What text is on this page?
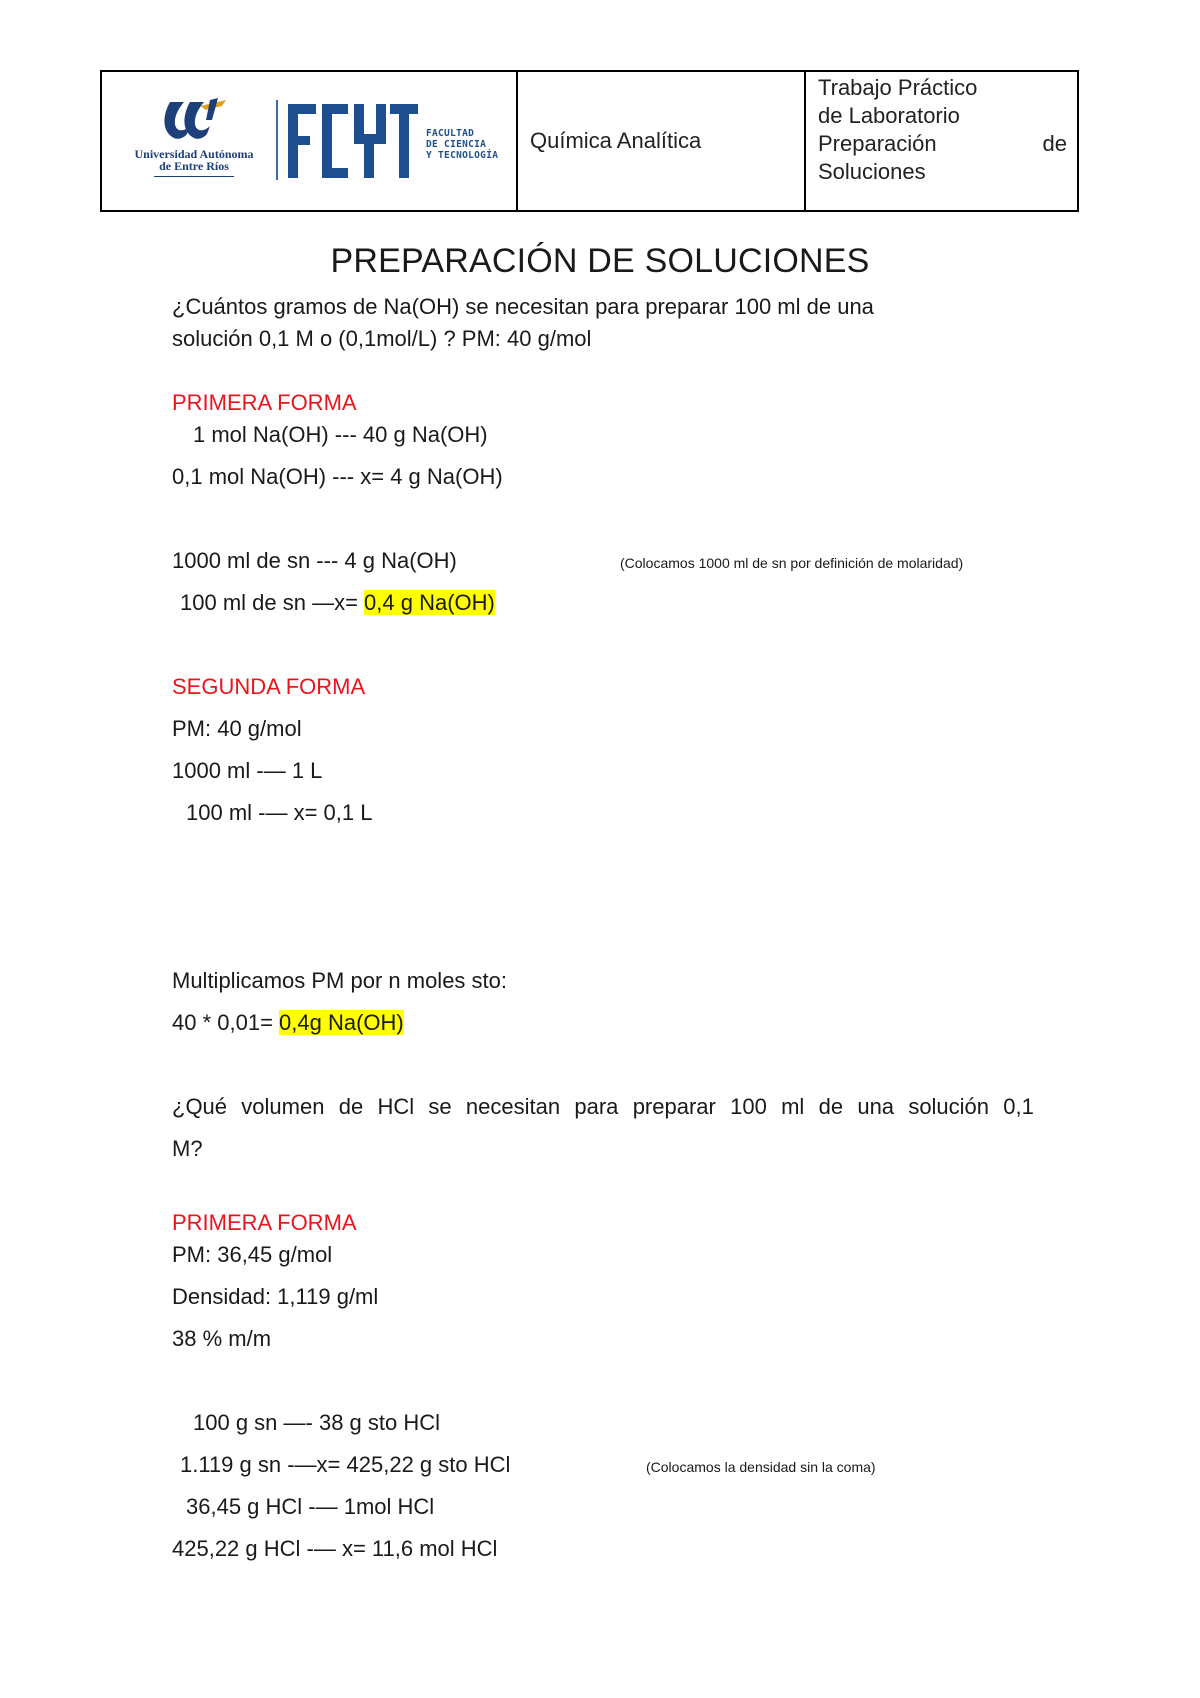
Universidad Autónoma
de Entre Ríos
FACULTAD
DE CIENCIA
Y TECNOLOGÍA
Química Analítica
Trabajo Práctico
de Laboratorio
Preparación	de
Soluciones
PREPARACIÓN DE SOLUCIONES
¿Cuántos gramos de Na(OH) se necesitan para preparar 100 ml de una
solución 0,1 M o (0,1mol/L) ? PM: 40 g/mol
PRIMERA FORMA
1 mol Na(OH) --- 40 g Na(OH)
0,1 mol Na(OH) --- x= 4 g Na(OH)
1000 ml de sn --- 4 g Na(OH)	(Colocamos 1000 ml de sn por definición de molaridad)
100 ml de sn —x= 0,4 g Na(OH)
SEGUNDA FORMA
PM: 40 g/mol
1000 ml -— 1 L
100 ml -— x= 0,1 L
Multiplicamos PM por n moles sto:
40 * 0,01= 0,4g Na(OH)
¿Qué volumen de HCl se necesitan para preparar 100 ml de una solución 0,1
M?
PRIMERA FORMA
PM: 36,45 g/mol
Densidad: 1,119 g/ml
38 % m/m
100 g sn —- 38 g sto HCl
1.119 g sn -—x= 425,22 g sto HCl	(Colocamos la densidad sin la coma)
36,45 g HCl -— 1mol HCl
425,22 g HCl -— x= 11,6 mol HCl
